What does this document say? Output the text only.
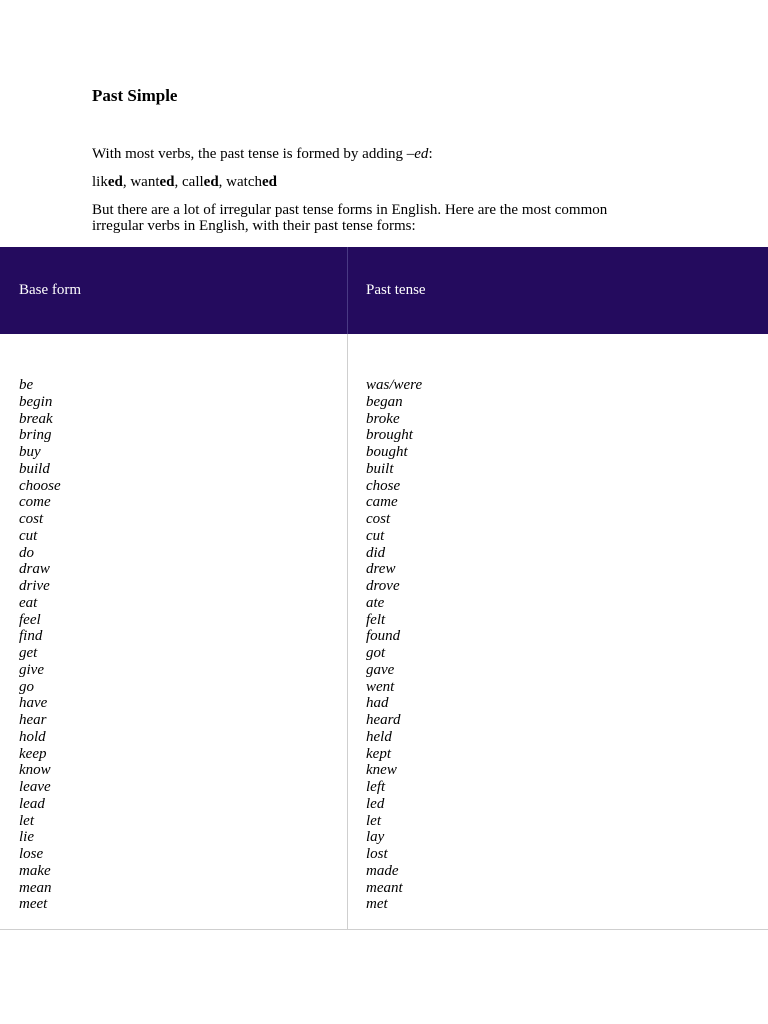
Past Simple
With most verbs, the past tense is formed by adding –ed:
liked, wanted, called, watched
But there are a lot of irregular past tense forms in English. Here are the most common irregular verbs in English, with their past tense forms:
Base form	Past tense
be
begin
break
bring
buy
build
choose
come
cost
cut
do
draw
drive
eat
feel
find
get
give
go
have
hear
hold
keep
know
leave
lead
let
lie
lose
make
mean
meet
was/were
began
broke
brought
bought
built
chose
came
cost
cut
did
drew
drove
ate
felt
found
got
gave
went
had
heard
held
kept
knew
left
led
let
lay
lost
made
meant
met
